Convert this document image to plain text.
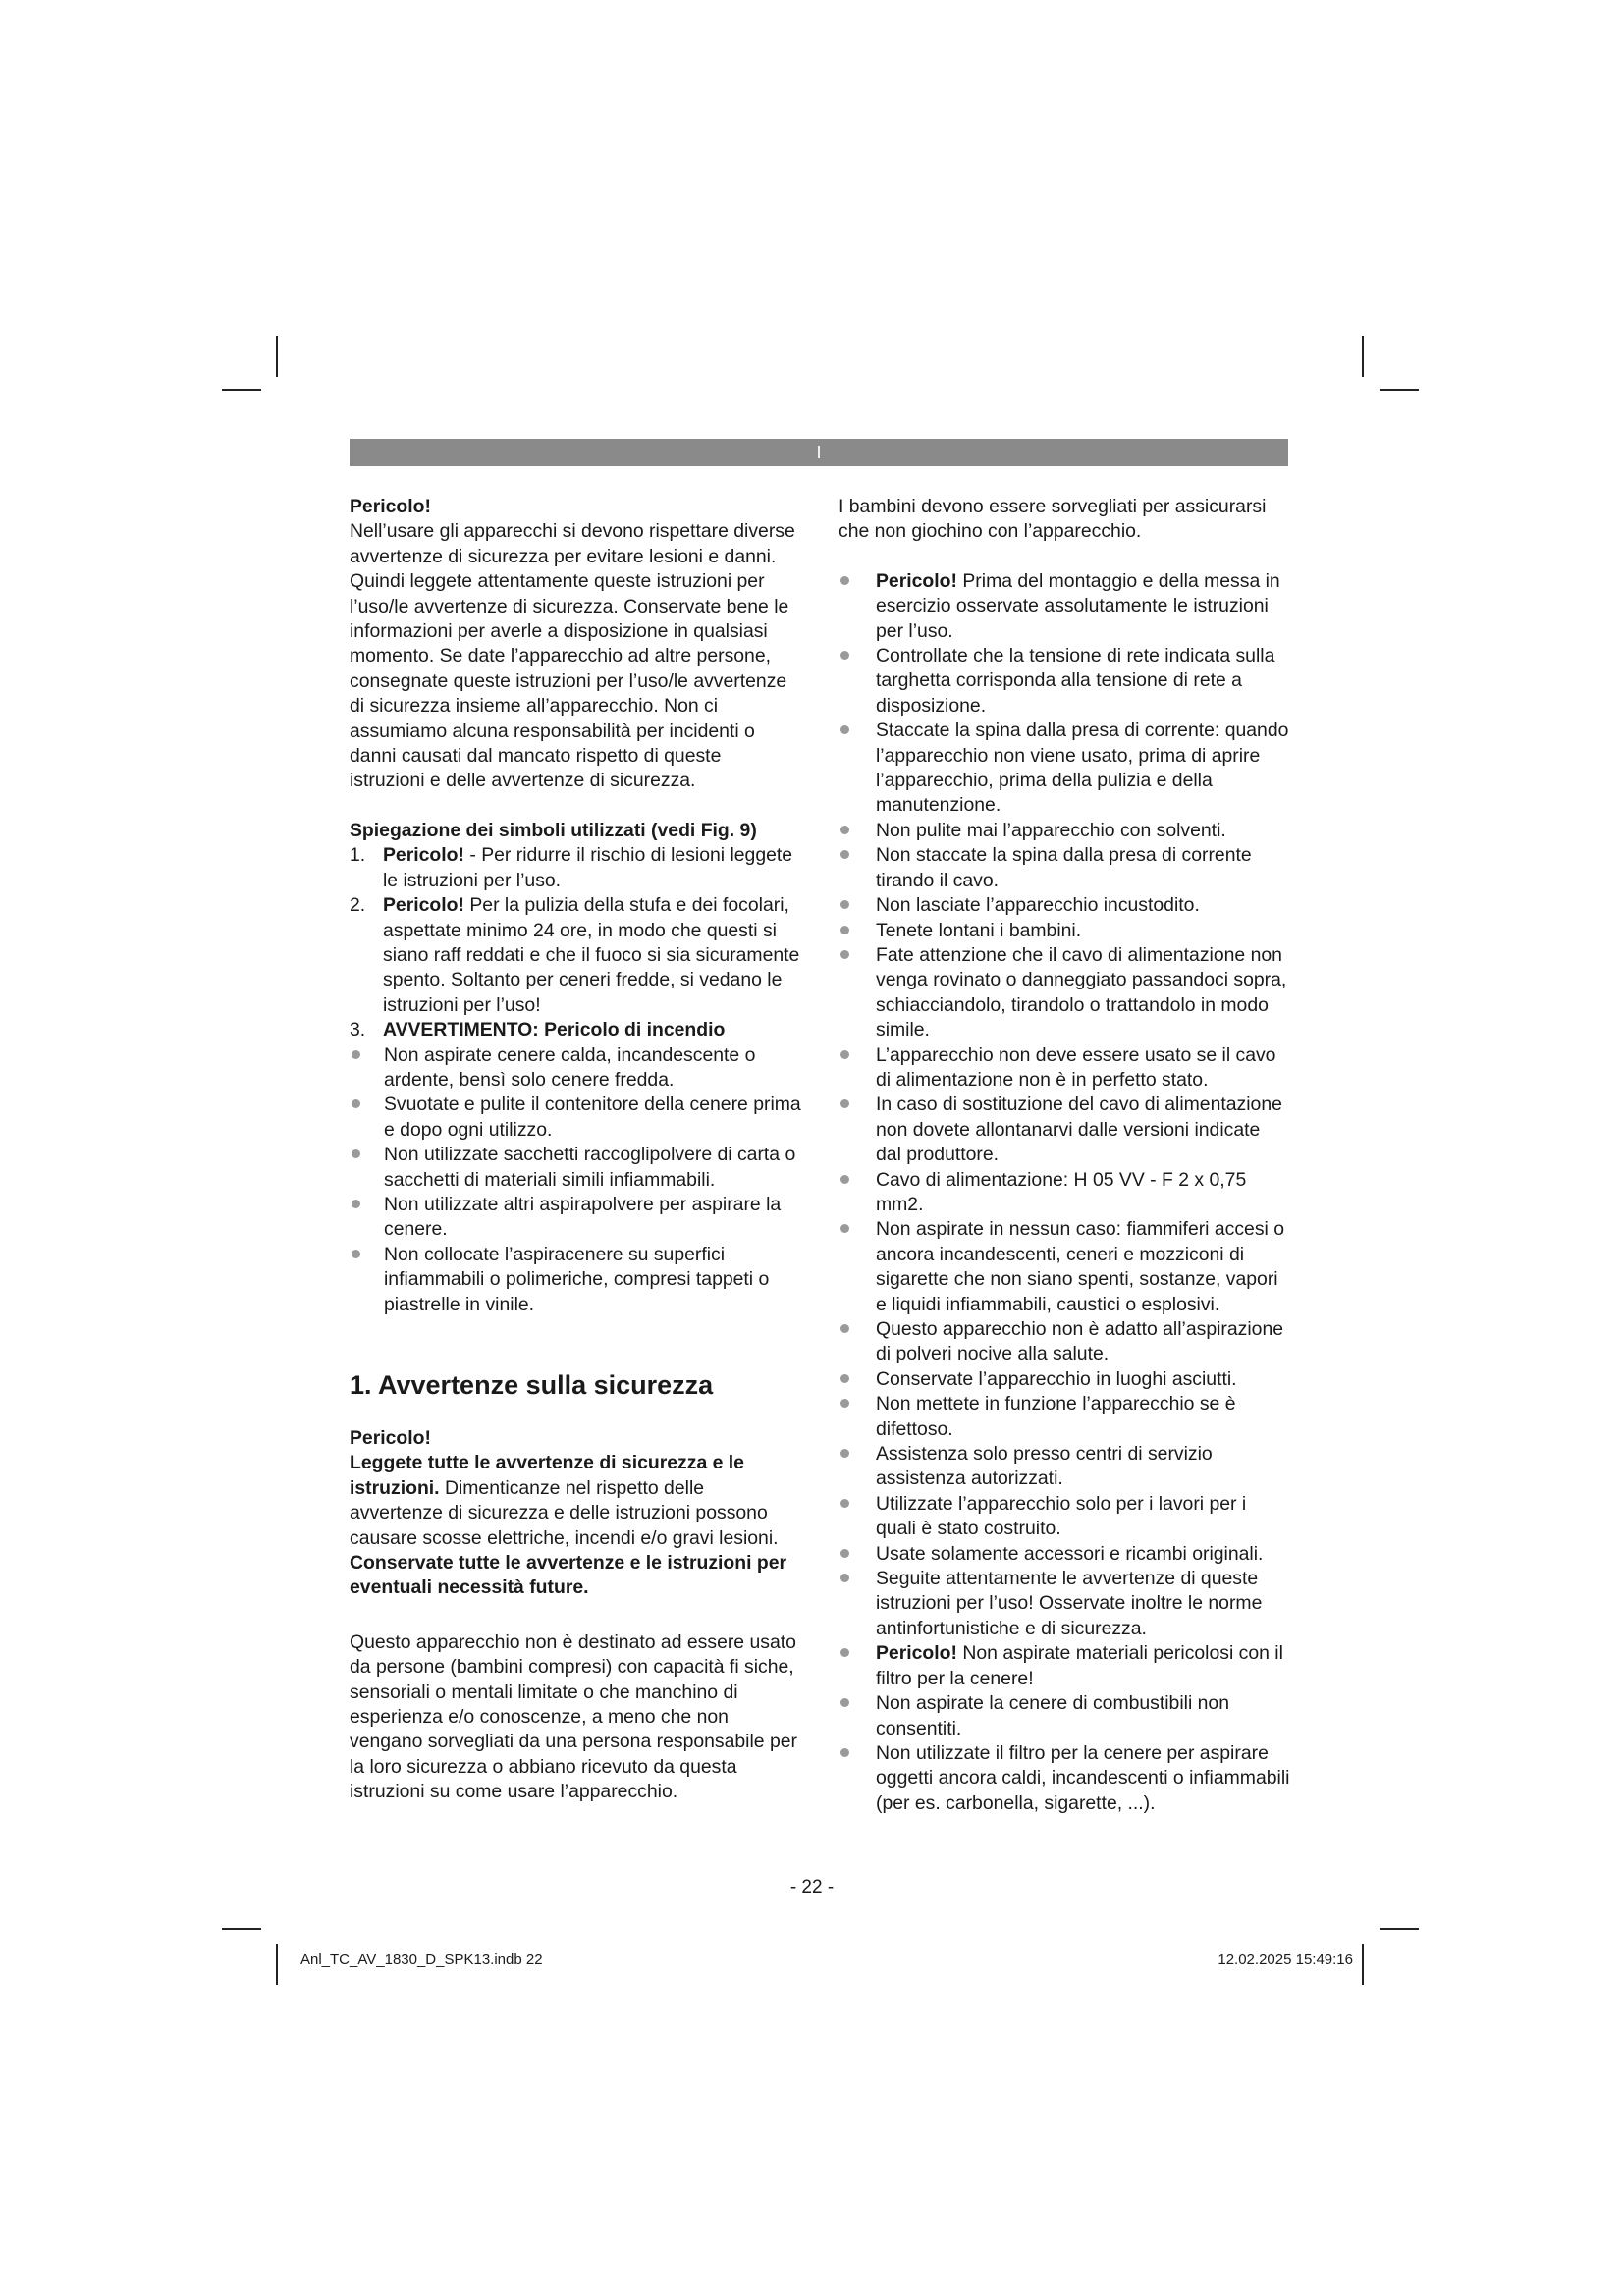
I

Pericolo!

Nell’usare gli apparecchi si devono rispettare diverse avvertenze di sicurezza per evitare lesioni e danni. Quindi leggete attentamente queste istruzioni per l’uso/le avvertenze di sicurezza. Conservate bene le informazioni per averle a disposizione in qualsiasi momento. Se date l’apparecchio ad altre persone, consegnate queste istruzioni per l’uso/le avvertenze di sicurezza insieme all’apparecchio. Non ci assumiamo alcuna responsabilità per incidenti o danni causati dal mancato rispetto di queste istruzioni e delle avvertenze di sicurezza.

Spiegazione dei simboli utilizzati (vedi Fig. 9)

1. Pericolo! - Per ridurre il rischio di lesioni leggete le istruzioni per l’uso.
2. Pericolo! Per la pulizia della stufa e dei focolari, aspettate minimo 24 ore, in modo che questi si siano raff reddati e che il fuoco si sia sicuramente spento. Soltanto per ceneri fredde, si vedano le istruzioni per l’uso!
3. AVVERTIMENTO: Pericolo di incendio
Non aspirate cenere calda, incandescente o ardente, bensì solo cenere fredda.
Svuotate e pulite il contenitore della cenere prima e dopo ogni utilizzo.
Non utilizzate sacchetti raccoglipolvere di carta o sacchetti di materiali simili infiammabili.
Non utilizzate altri aspirapolvere per aspirare la cenere.
Non collocate l’aspiracenere su superfici infiammabili o polimeriche, compresi tappeti o piastrelle in vinile.
1. Avvertenze sulla sicurezza

Pericolo!

Leggete tutte le avvertenze di sicurezza e le istruzioni. Dimenticanze nel rispetto delle avvertenze di sicurezza e delle istruzioni possono causare scosse elettriche, incendi e/o gravi lesioni.

Conservate tutte le avvertenze e le istruzioni per eventuali necessità future.

Questo apparecchio non è destinato ad essere usato da persone (bambini compresi) con capacità fi siche, sensoriali o mentali limitate o che manchino di esperienza e/o conoscenze, a meno che non vengano sorvegliati da una persona responsabile per la loro sicurezza o abbiano ricevuto da questa istruzioni su come usare l’apparecchio.

I bambini devono essere sorvegliati per assicurarsi che non giochino con l’apparecchio.

Pericolo! Prima del montaggio e della messa in esercizio osservate assolutamente le istruzioni per l’uso.
Controllate che la tensione di rete indicata sulla targhetta corrisponda alla tensione di rete a disposizione.
Staccate la spina dalla presa di corrente: quando l’apparecchio non viene usato, prima di aprire l’apparecchio, prima della pulizia e della manutenzione.
Non pulite mai l’apparecchio con solventi.
Non staccate la spina dalla presa di corrente tirando il cavo.
Non lasciate l’apparecchio incustodito.
Tenete lontani i bambini.
Fate attenzione che il cavo di alimentazione non venga rovinato o danneggiato passandoci sopra, schiacciandolo, tirandolo o trattandolo in modo simile.
L’apparecchio non deve essere usato se il cavo di alimentazione non è in perfetto stato.
In caso di sostituzione del cavo di alimentazione non dovete allontanarvi dalle versioni indicate dal produttore.
Cavo di alimentazione: H 05 VV - F 2 x 0,75 mm2.
Non aspirate in nessun caso: fiammiferi accesi o ancora incandescenti, ceneri e mozziconi di sigarette che non siano spenti, sostanze, vapori e liquidi infiammabili, caustici o esplosivi.
Questo apparecchio non è adatto all’aspirazione di polveri nocive alla salute.
Conservate l’apparecchio in luoghi asciutti.
Non mettete in funzione l’apparecchio se è difettoso.
Assistenza solo presso centri di servizio assistenza autorizzati.
Utilizzate l’apparecchio solo per i lavori per i quali è stato costruito.
Usate solamente accessori e ricambi originali.
Seguite attentamente le avvertenze di queste istruzioni per l’uso! Osservate inoltre le norme antinfortunistiche e di sicurezza.
Pericolo! Non aspirate materiali pericolosi con il filtro per la cenere!
Non aspirate la cenere di combustibili non consentiti.
Non utilizzate il filtro per la cenere per aspirare oggetti ancora caldi, incandescenti o infiammabili (per es. carbonella, sigarette, ...).
- 22 -
Anl_TC_AV_1830_D_SPK13.indb 22	12.02.2025 15:49:16
